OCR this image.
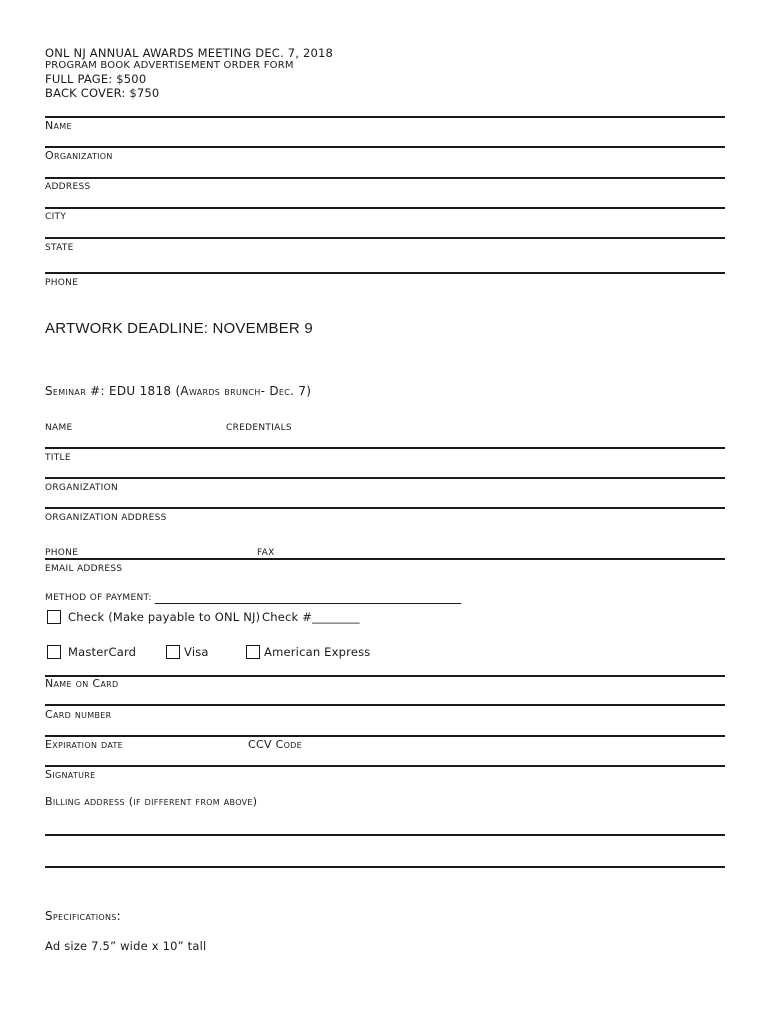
ONL NJ ANNUAL AWARDS MEETING DEC. 7, 2018
PROGRAM BOOK ADVERTISEMENT ORDER FORM
FULL PAGE: $500
BACK COVER: $750
Name
Organization
ADDRESS
CITY
STATE
PHONE
ARTWORK DEADLINE: NOVEMBER 9
Seminar #: EDU 1818 (Awards brunch- Dec. 7)
NAME	CREDENTIALS
TITLE
ORGANIZATION
ORGANIZATION ADDRESS
PHONE	FAX
EMAIL ADDRESS
METHOD OF PAYMENT:
Check (Make payable to ONL NJ) Check #________
MasterCard	Visa	American Express
Name on Card
Card number
Expiration date	CCV Code
Signature
Billing address (if different from above)
Specifications:
Ad size 7.5” wide x 10” tall
